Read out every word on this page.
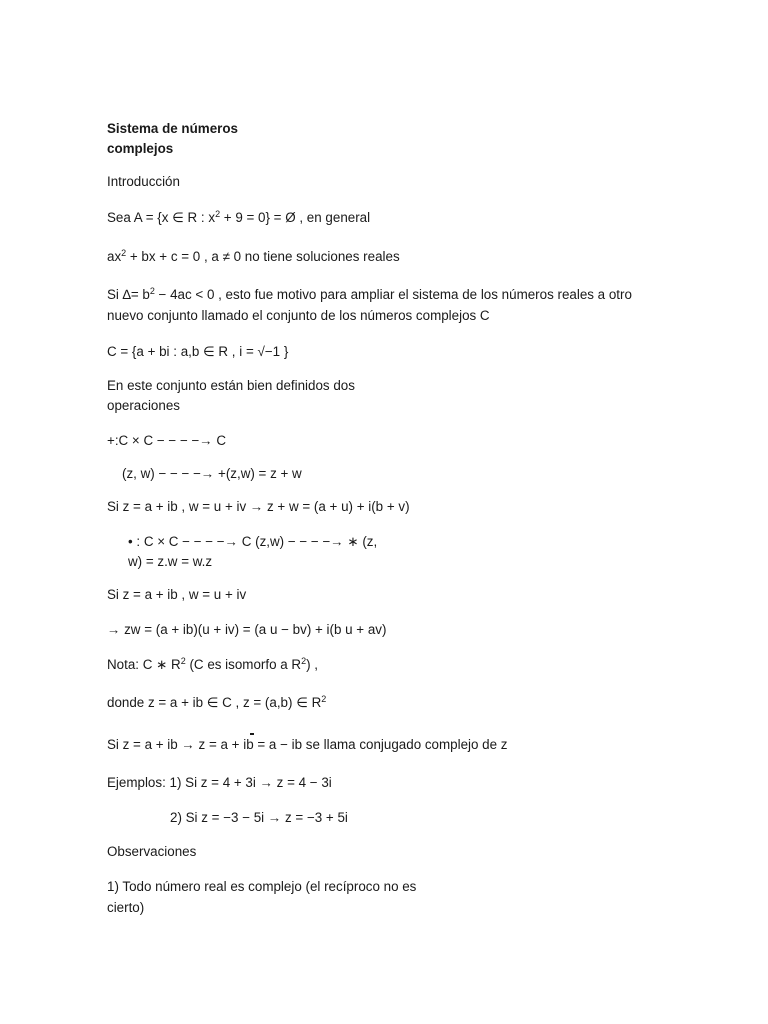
Sistema de números

complejos

Introducción

Sea A = {x ∈ R : $x^2 + 9 = 0$} = Ø , en general

$ax^2$ + bx + c = 0 , a ≠ 0 no tiene soluciones reales

Si ∆= $b^2 - 4ac < 0$ , esto fue motivo para ampliar el sistema de los números reales a otro

nuevo conjunto llamado el conjunto de los números complejos C

C = {a + bi : a,b ∈ R , i = √−1 }

En este conjunto están bien definidos dos

operaciones

+:C × C − − − −→ C

(z, w) − − − −→ +(z,w) = z + w

Si z = a + ib , w = u + iv → z + w = (a + u) + i(b + v)

• : C × C − − − −→ C (z,w) − − − −→ ∗ (z,

w) = z.w = w.z

Si z = a + ib , w = u + iv

→ zw = (a + ib)(u + iv) = (a u − bv) + i(b u + av)

Nota: C ∗ $R^2$ (C es isomorfo a $R^2$) ,

donde z = a + ib ∈ C , z = (a,b) ∈ $R^2$

Si z = a + ib → z = a + ib = a − ib se llama conjugado complejo de z

Ejemplos: 1) Si z = 4 + 3i → z = 4 − 3i

2) Si z = −3 − 5i → z = −3 + 5i

Observaciones

1) Todo número real es complejo (el recíproco no es

cierto)
